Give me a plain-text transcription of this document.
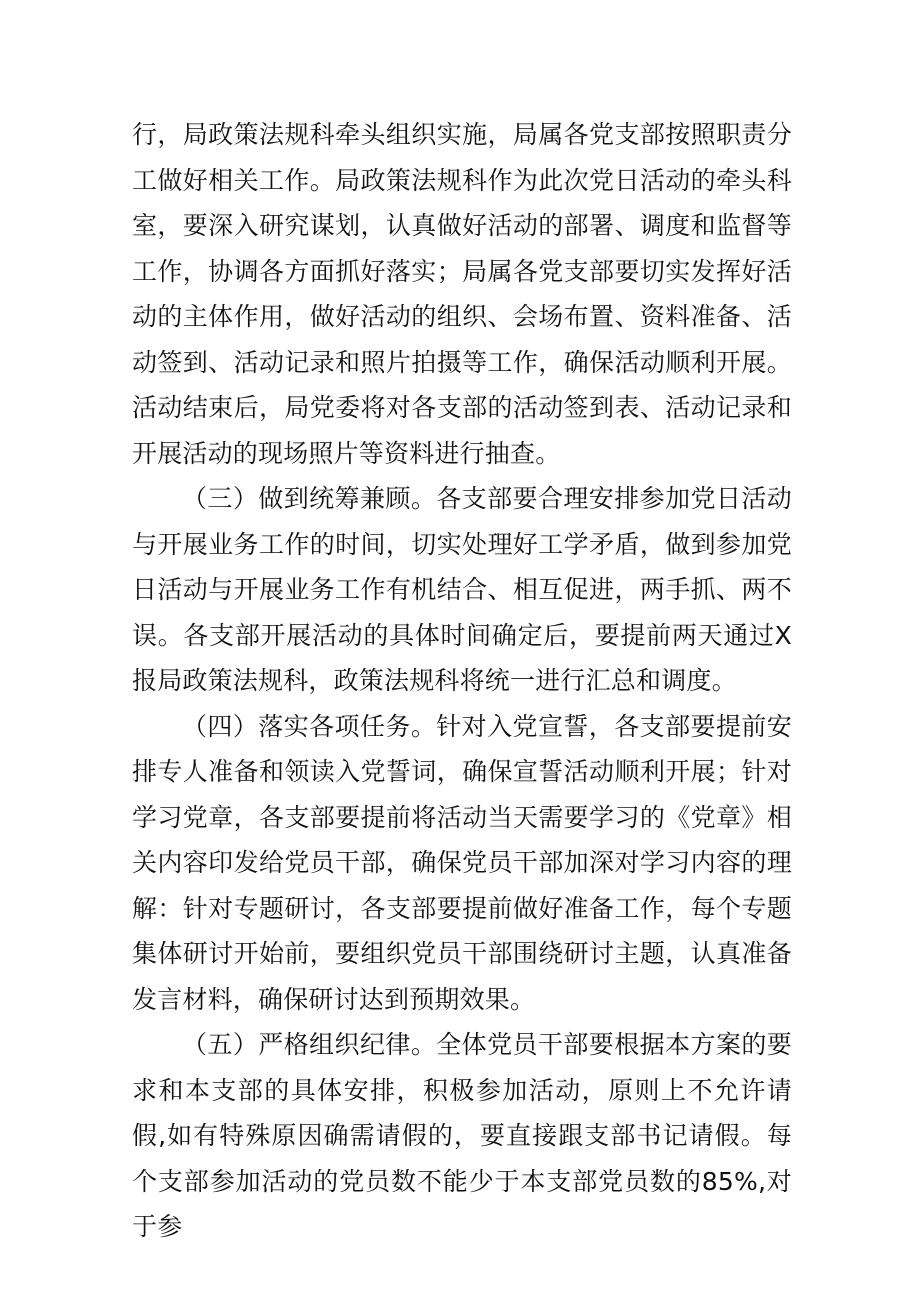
行，局政策法规科牵头组织实施，局属各党支部按照职责分工做好相关工作。局政策法规科作为此次党日活动的牵头科室，要深入研究谋划，认真做好活动的部署、调度和监督等工作，协调各方面抓好落实；局属各党支部要切实发挥好活动的主体作用，做好活动的组织、会场布置、资料准备、活动签到、活动记录和照片拍摄等工作，确保活动顺利开展。活动结束后，局党委将对各支部的活动签到表、活动记录和开展活动的现场照片等资料进行抽查。

（三）做到统筹兼顾。各支部要合理安排参加党日活动与开展业务工作的时间，切实处理好工学矛盾，做到参加党日活动与开展业务工作有机结合、相互促进，两手抓、两不误。各支部开展活动的具体时间确定后，要提前两天通过X报局政策法规科，政策法规科将统一进行汇总和调度。

（四）落实各项任务。针对入党宣誓，各支部要提前安排专人准备和领读入党誓词，确保宣誓活动顺利开展；针对学习党章，各支部要提前将活动当天需要学习的《党章》相关内容印发给党员干部，确保党员干部加深对学习内容的理解：针对专题研讨，各支部要提前做好准备工作，每个专题集体研讨开始前，要组织党员干部围绕研讨主题，认真准备发言材料，确保研讨达到预期效果。

（五）严格组织纪律。全体党员干部要根据本方案的要求和本支部的具体安排，积极参加活动，原则上不允许请假,如有特殊原因确需请假的，要直接跟支部书记请假。每个支部参加活动的党员数不能少于本支部党员数的85%,对于参
